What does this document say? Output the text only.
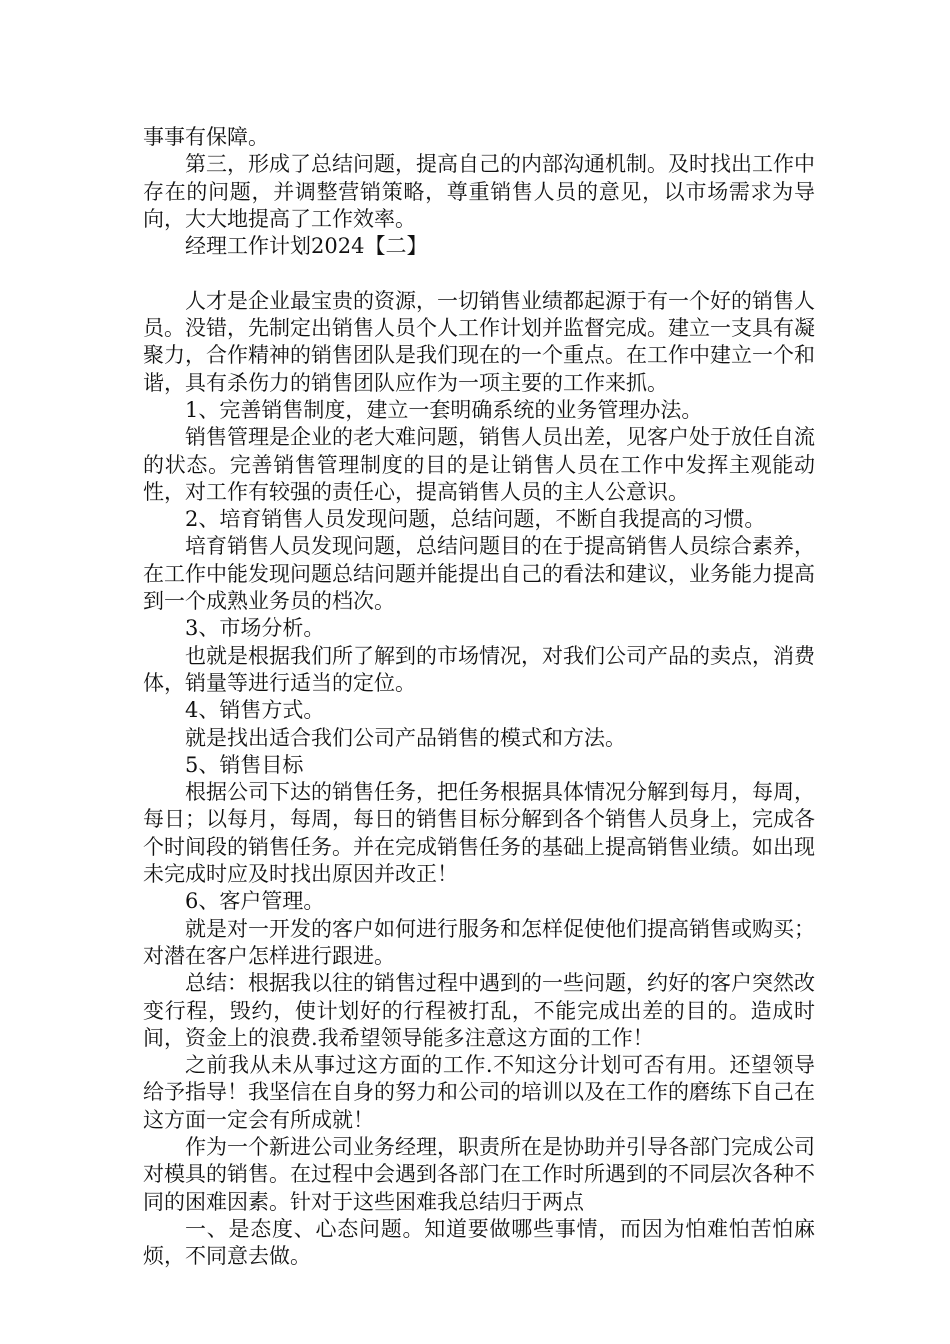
事事有保障。

第三，形成了总结问题，提高自己的内部沟通机制。及时找出工作中存在的问题，并调整营销策略，尊重销售人员的意见，以市场需求为导向，大大地提高了工作效率。

经理工作计划2024【二】

人才是企业最宝贵的资源，一切销售业绩都起源于有一个好的销售人员。没错，先制定出销售人员个人工作计划并监督完成。建立一支具有凝聚力，合作精神的销售团队是我们现在的一个重点。在工作中建立一个和谐，具有杀伤力的销售团队应作为一项主要的工作来抓。

1、完善销售制度，建立一套明确系统的业务管理办法。

销售管理是企业的老大难问题，销售人员出差，见客户处于放任自流的状态。完善销售管理制度的目的是让销售人员在工作中发挥主观能动性，对工作有较强的责任心，提高销售人员的主人公意识。

2、培育销售人员发现问题，总结问题，不断自我提高的习惯。

培育销售人员发现问题，总结问题目的在于提高销售人员综合素养，在工作中能发现问题总结问题并能提出自己的看法和建议，业务能力提高到一个成熟业务员的档次。

3、市场分析。

也就是根据我们所了解到的市场情况，对我们公司产品的卖点，消费体，销量等进行适当的定位。

4、销售方式。

就是找出适合我们公司产品销售的模式和方法。

5、销售目标

根据公司下达的销售任务，把任务根据具体情况分解到每月，每周，每日；以每月，每周，每日的销售目标分解到各个销售人员身上，完成各个时间段的销售任务。并在完成销售任务的基础上提高销售业绩。如出现未完成时应及时找出原因并改正！

6、客户管理。

就是对一开发的客户如何进行服务和怎样促使他们提高销售或购买；对潜在客户怎样进行跟进。

总结：根据我以往的销售过程中遇到的一些问题，约好的客户突然改变行程，毁约，使计划好的行程被打乱，不能完成出差的目的。造成时间，资金上的浪费.我希望领导能多注意这方面的工作！

之前我从未从事过这方面的工作.不知这分计划可否有用。还望领导给予指导！我坚信在自身的努力和公司的培训以及在工作的磨练下自己在这方面一定会有所成就！

作为一个新进公司业务经理，职责所在是协助并引导各部门完成公司对模具的销售。在过程中会遇到各部门在工作时所遇到的不同层次各种不同的困难因素。针对于这些困难我总结归于两点

一、是态度、心态问题。知道要做哪些事情，而因为怕难怕苦怕麻烦，不同意去做。
